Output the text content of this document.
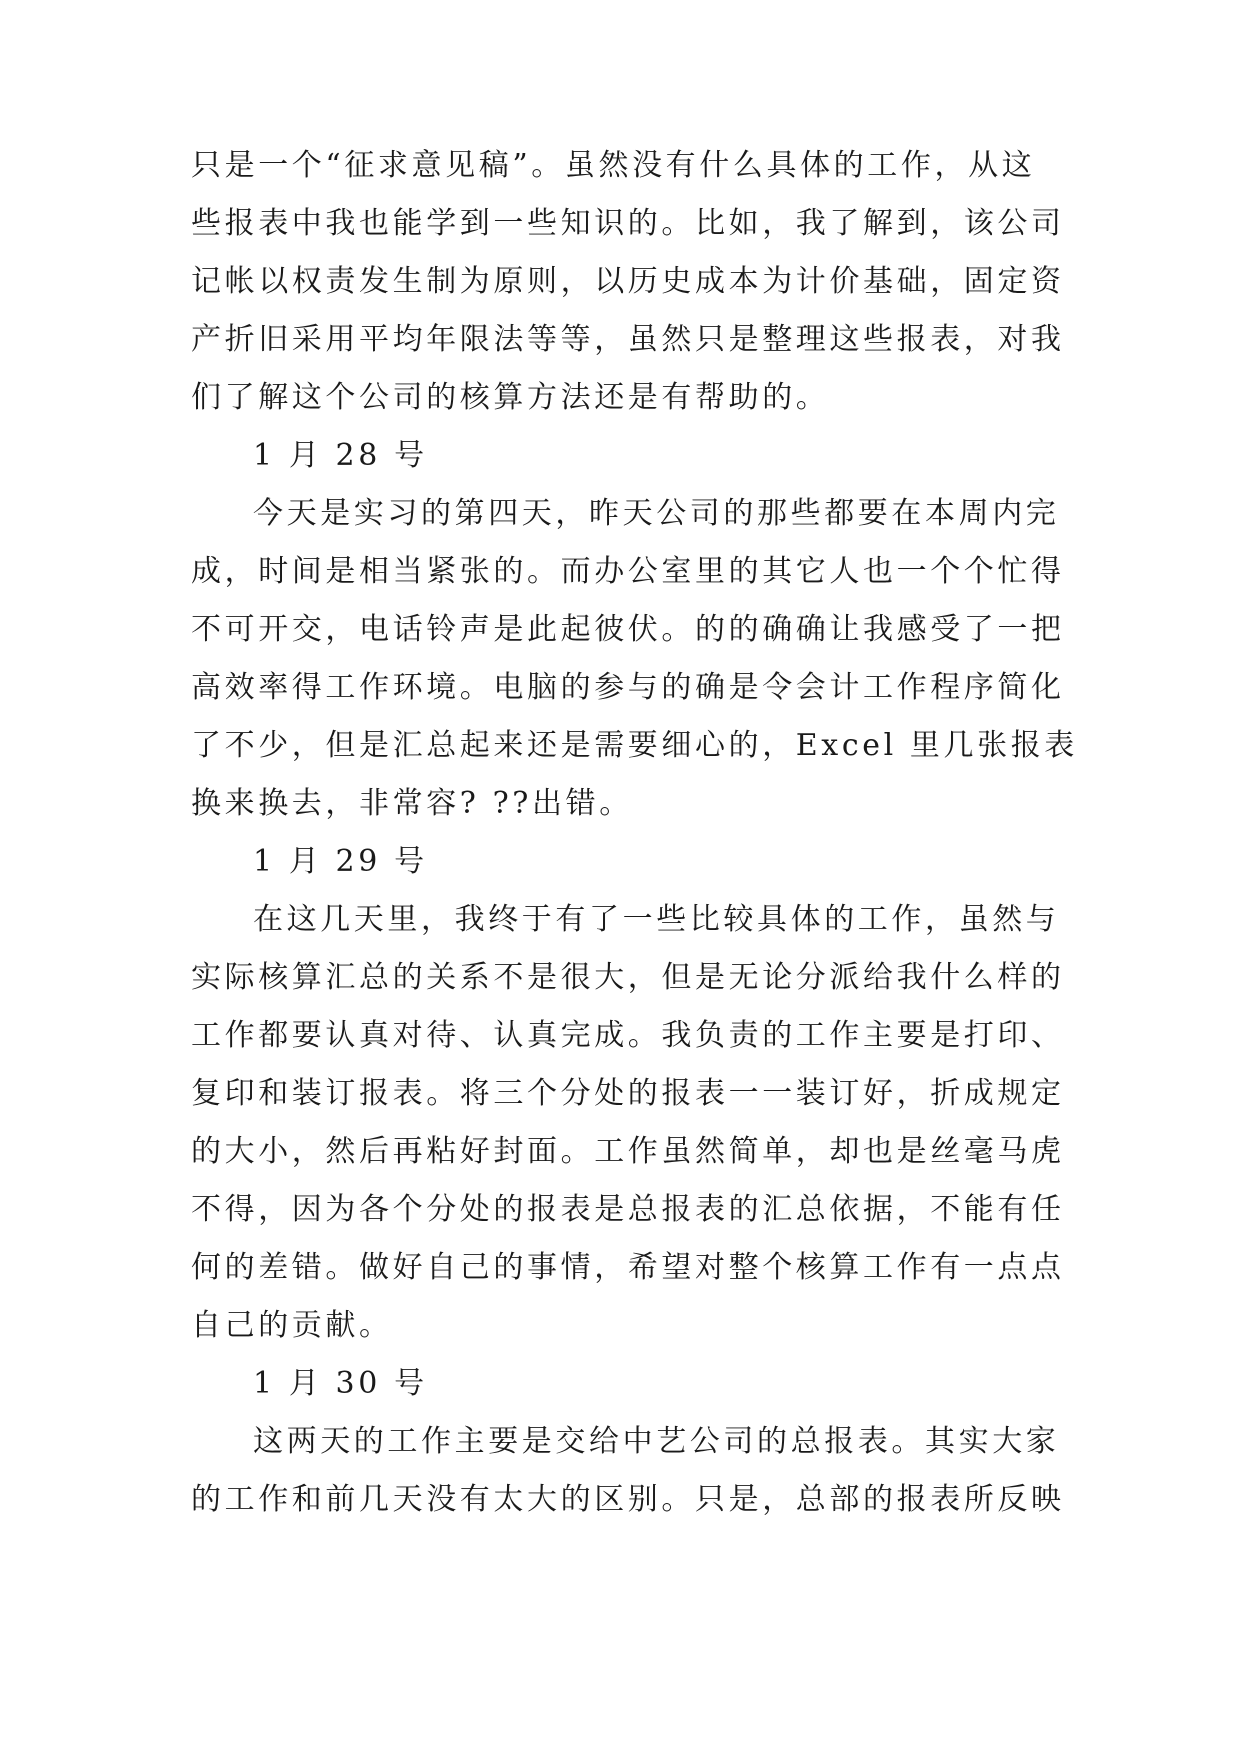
只是一个“征求意见稿”。虽然没有什么具体的工作，从这
些报表中我也能学到一些知识的。比如，我了解到，该公司
记帐以权责发生制为原则，以历史成本为计价基础，固定资
产折旧采用平均年限法等等，虽然只是整理这些报表，对我
们了解这个公司的核算方法还是有帮助的。
1 月 28 号
今天是实习的第四天，昨天公司的那些都要在本周内完
成，时间是相当紧张的。而办公室里的其它人也一个个忙得
不可开交，电话铃声是此起彼伏。的的确确让我感受了一把
高效率得工作环境。电脑的参与的确是令会计工作程序简化
了不少，但是汇总起来还是需要细心的，Excel 里几张报表
换来换去，非常容? ??出错。
1 月 29 号
在这几天里，我终于有了一些比较具体的工作，虽然与
实际核算汇总的关系不是很大，但是无论分派给我什么样的
工作都要认真对待、认真完成。我负责的工作主要是打印、
复印和装订报表。将三个分处的报表一一装订好，折成规定
的大小，然后再粘好封面。工作虽然简单，却也是丝毫马虎
不得，因为各个分处的报表是总报表的汇总依据，不能有任
何的差错。做好自己的事情，希望对整个核算工作有一点点
自己的贡献。
1 月 30 号
这两天的工作主要是交给中艺公司的总报表。其实大家
的工作和前几天没有太大的区别。只是，总部的报表所反映
